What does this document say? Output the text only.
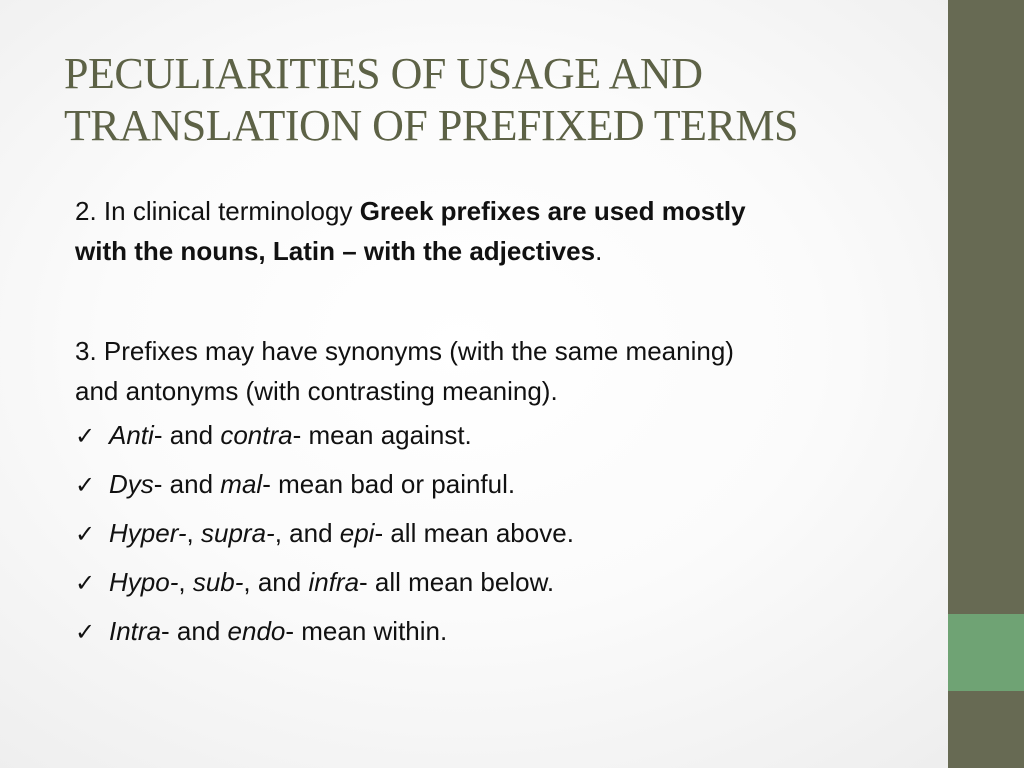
PECULIARITIES OF USAGE AND
TRANSLATION OF PREFIXED TERMS

2. In clinical terminology Greek prefixes are used mostly
with the nouns, Latin – with the adjectives.

3. Prefixes may have synonyms (with the same meaning)
and antonyms (with contrasting meaning).

✓ Anti- and contra- mean against.

✓ Dys- and mal- mean bad or painful.

✓ Hyper-, supra-, and epi- all mean above.

✓ Hypo-, sub-, and infra- all mean below.

✓ Intra- and endo- mean within.
